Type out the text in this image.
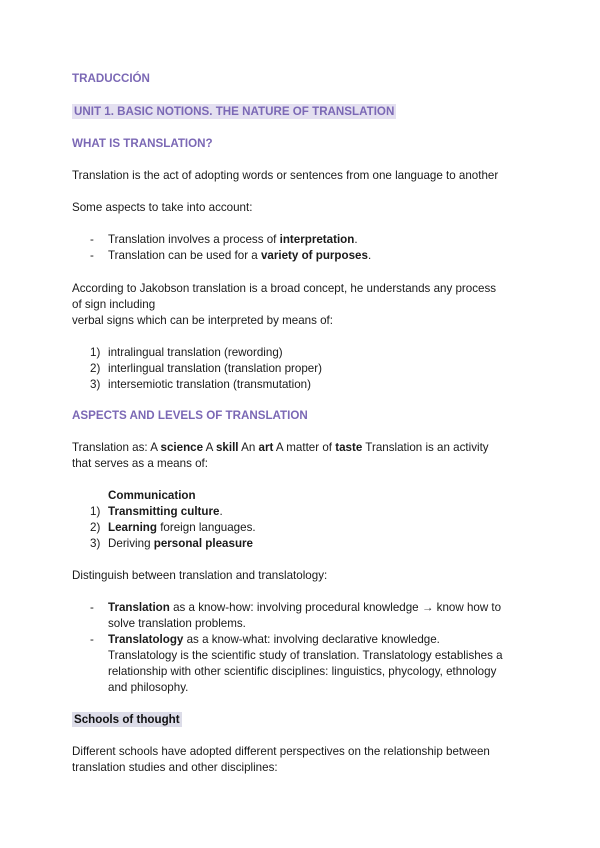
TRADUCCIÓN

UNIT 1. BASIC NOTIONS. THE NATURE OF TRANSLATION

WHAT IS TRANSLATION?

Translation is the act of adopting words or sentences from one language to another

Some aspects to take into account:

- Translation involves a process of interpretation.
- Translation can be used for a variety of purposes.
According to Jakobson translation is a broad concept, he understands any process
of sign including
verbal signs which can be interpreted by means of:
1) intralingual translation (rewording)
2) interlingual translation (translation proper)
3) intersemiotic translation (transmutation)

ASPECTS AND LEVELS OF TRANSLATION

Translation as: A science A skill An art A matter of taste Translation is an activity
that serves as a means of:

Communication

1) Transmitting culture.
2) Learning foreign languages.
3) Deriving personal pleasure

Distinguish between translation and translatology:

- Translation as a know-how: involving procedural knowledge → know how to
solve translation problems.
- Translatology as a know-what: involving declarative knowledge.
Translatology is the scientific study of translation. Translatology establishes a
relationship with other scientific disciplines: linguistics, phycology, ethnology
and philosophy.

Schools of thought

Different schools have adopted different perspectives on the relationship between
translation studies and other disciplines:
